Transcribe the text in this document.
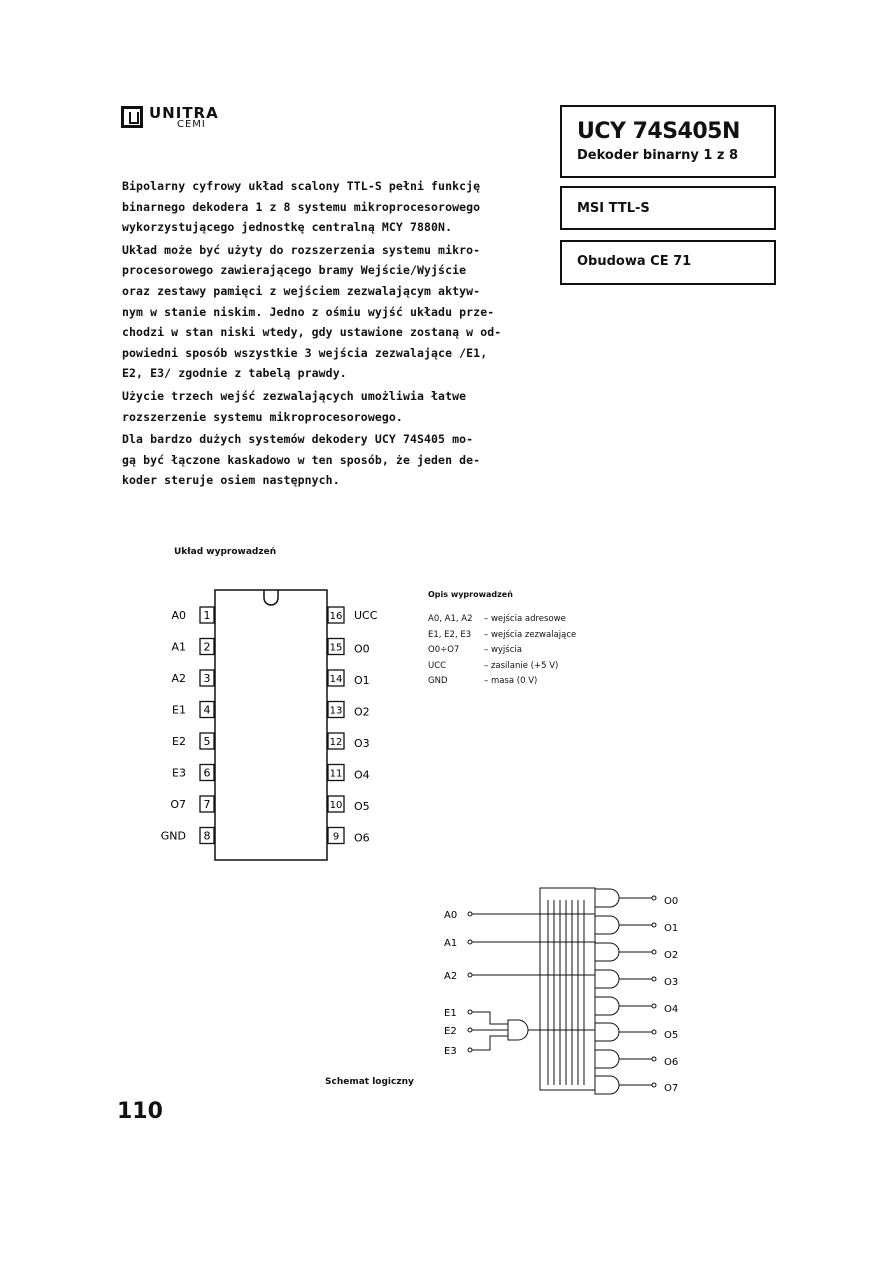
UNITRA
CEMI	UCY 74S405N
Dekoder binarny 1 z 8
MSI TTL-S
Obudowa CE 71

Bipolarny cyfrowy układ scalony TTL-S pełni funkcję
binarnego dekodera 1 z 8 systemu mikroprocesorowego
wykorzystującego jednostkę centralną MCY 7880N.

Układ może być użyty do rozszerzenia systemu mikro-
procesorowego zawierającego bramy Wejście/Wyjście
oraz zestawy pamięci z wejściem zezwalającym aktyw-
nym w stanie niskim. Jedno z ośmiu wyjść układu prze-
chodzi w stan niski wtedy, gdy ustawione zostaną w od-
powiedni sposób wszystkie 3 wejścia zezwalające /E1,
E2, E3/ zgodnie z tabelą prawdy.

Użycie trzech wejść zezwalających umożliwia łatwe
rozszerzenie systemu mikroprocesorowego.

Dla bardzo dużych systemów dekodery UCY 74S405 mo-
gą być łączone kaskadowo w ten sposób, że jeden de-
koder steruje osiem następnych.

Układ wyprowadzeń
1
A0
2
A1
3
A2
4
E1
5
E2
6
E3
7
O7
8
GND
16 UCC
15 O0
14 O1
13 O2
12 O3
11 O4
10 O5
9 O6
Opis wyprowadzeń
A0, A1, A2	– wejścia adresowe
E1, E2, E3	– wejścia zezwalające
O0÷O7	– wyjścia
UCC	– zasilanie (+5 V)
GND	– masa (0 V)
A0
A1
A2
E1
E2
E3
O0
O1
O2
O3
O4
O5
O6
O7
Schemat logiczny
110
